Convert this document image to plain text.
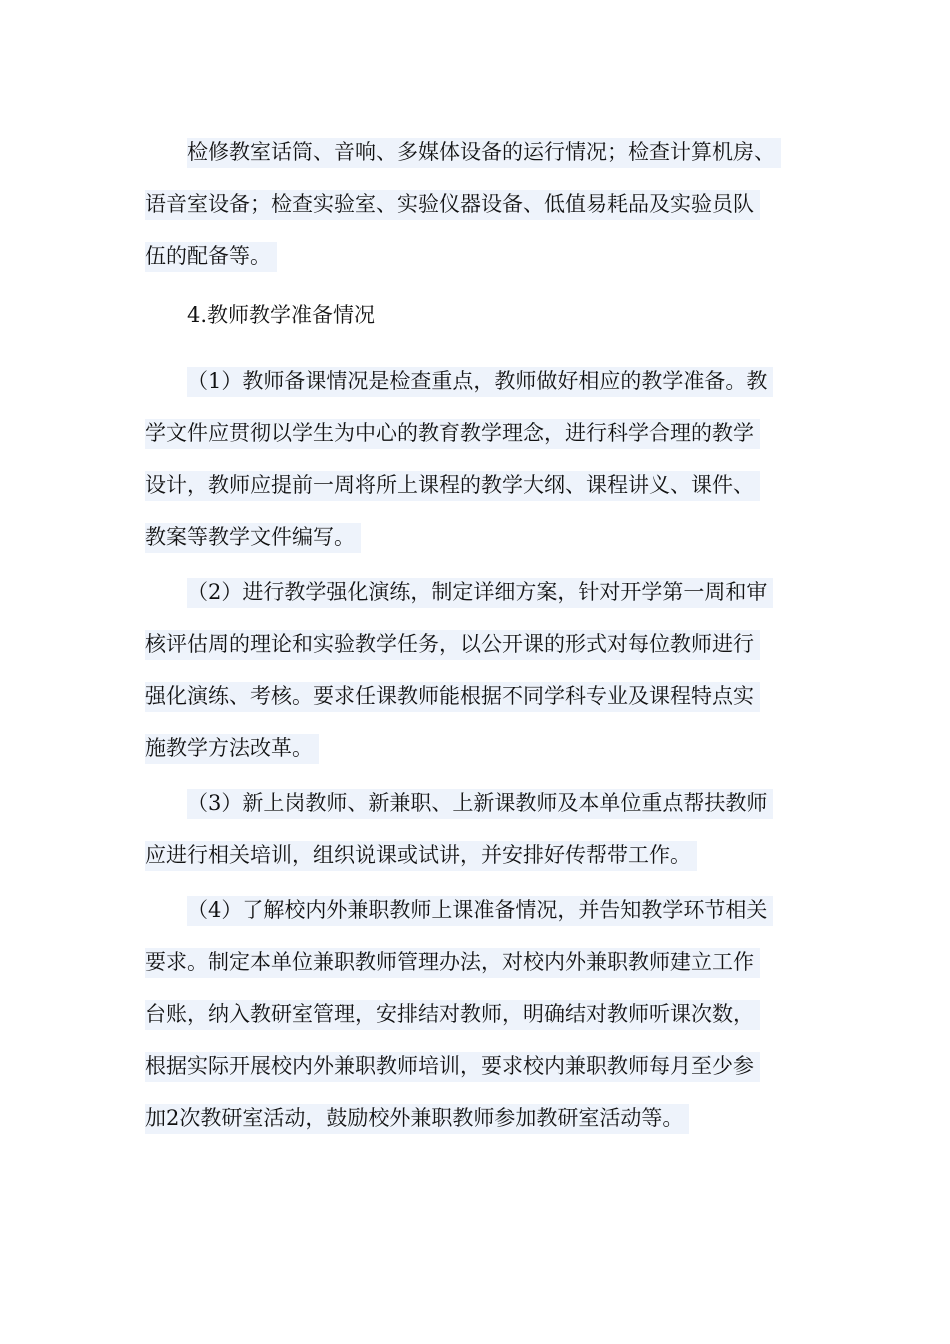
检修教室话筒、音响、多媒体设备的运行情况；检查计算机房、
语音室设备；检查实验室、实验仪器设备、低值易耗品及实验员队
伍的配备等。
4.教师教学准备情况
（1）教师备课情况是检查重点，教师做好相应的教学准备。教
学文件应贯彻以学生为中心的教育教学理念，进行科学合理的教学
设计，教师应提前一周将所上课程的教学大纲、课程讲义、课件、
教案等教学文件编写。
（2）进行教学强化演练，制定详细方案，针对开学第一周和审
核评估周的理论和实验教学任务，以公开课的形式对每位教师进行
强化演练、考核。要求任课教师能根据不同学科专业及课程特点实
施教学方法改革。
（3）新上岗教师、新兼职、上新课教师及本单位重点帮扶教师
应进行相关培训，组织说课或试讲，并安排好传帮带工作。
（4）了解校内外兼职教师上课准备情况，并告知教学环节相关
要求。制定本单位兼职教师管理办法，对校内外兼职教师建立工作
台账，纳入教研室管理，安排结对教师，明确结对教师听课次数，
根据实际开展校内外兼职教师培训，要求校内兼职教师每月至少参
加2次教研室活动，鼓励校外兼职教师参加教研室活动等。
